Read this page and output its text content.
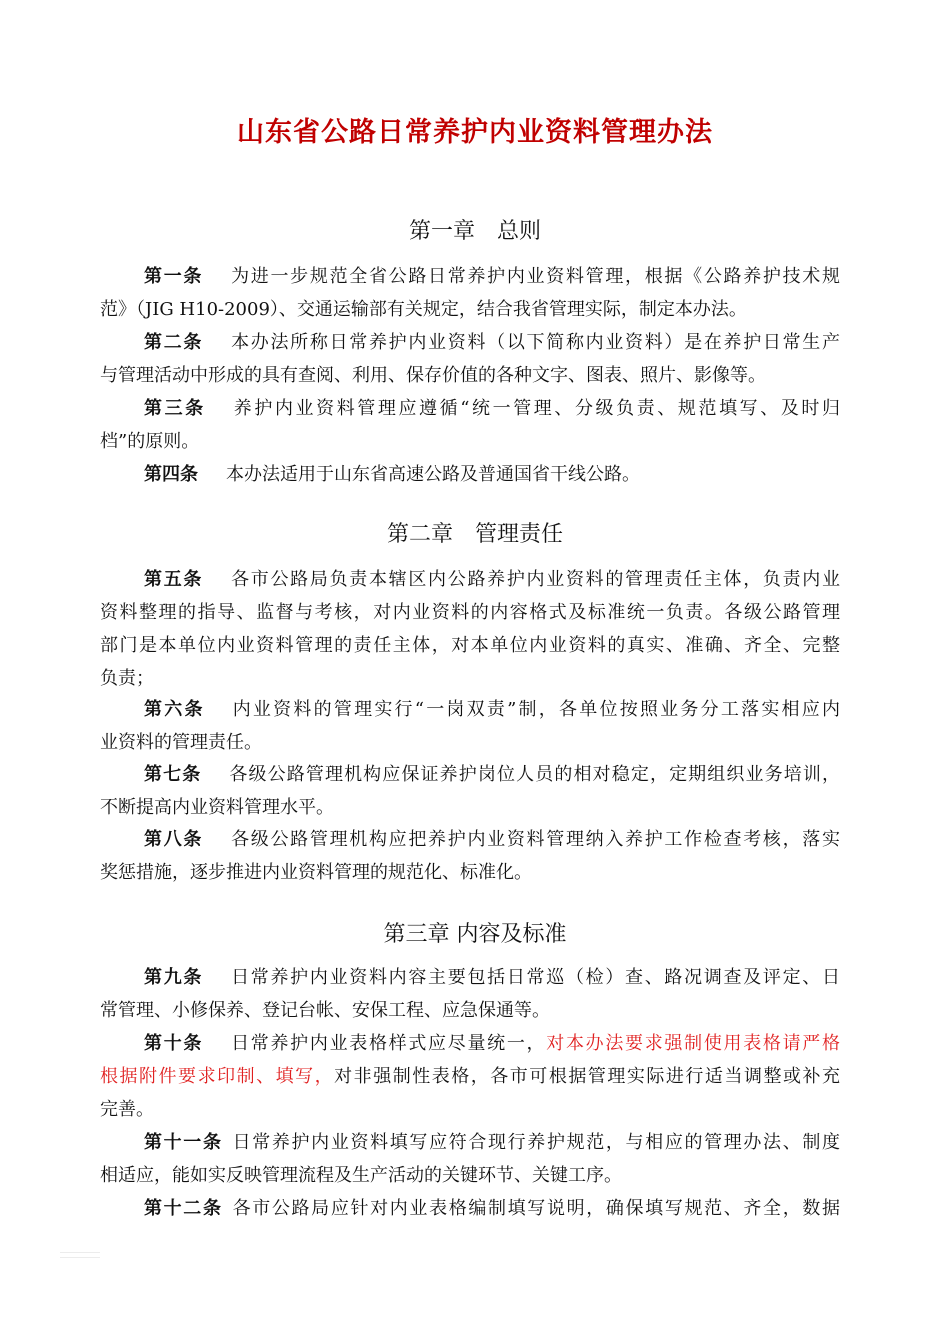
山东省公路日常养护内业资料管理办法
第一章　总则
第一条 为进一步规范全省公路日常养护内业资料管理，根据《公路养护技术规
范》（JIG H10-2009）、交通运输部有关规定，结合我省管理实际，制定本办法。
第二条 本办法所称日常养护内业资料（以下简称内业资料）是在养护日常生产
与管理活动中形成的具有查阅、利用、保存价值的各种文字、图表、照片、影像等。
第三条 养护内业资料管理应遵循“统一管理、分级负责、规范填写、及时归
档”的原则。
第四条 本办法适用于山东省高速公路及普通国省干线公路。
第二章　管理责任
第五条 各市公路局负责本辖区内公路养护内业资料的管理责任主体，负责内业
资料整理的指导、监督与考核，对内业资料的内容格式及标准统一负责。各级公路管理
部门是本单位内业资料管理的责任主体，对本单位内业资料的真实、准确、齐全、完整
负责；
第六条 内业资料的管理实行“一岗双责”制，各单位按照业务分工落实相应内
业资料的管理责任。
第七条 各级公路管理机构应保证养护岗位人员的相对稳定，定期组织业务培训，
不断提高内业资料管理水平。
第八条 各级公路管理机构应把养护内业资料管理纳入养护工作检查考核，落实
奖惩措施，逐步推进内业资料管理的规范化、标准化。
第三章 内容及标准
第九条 日常养护内业资料内容主要包括日常巡（检）查、路况调查及评定、日
常管理、小修保养、登记台帐、安保工程、应急保通等。
第十条 日常养护内业表格样式应尽量统一，对本办法要求强制使用表格请严格
根据附件要求印制、填写，对非强制性表格，各市可根据管理实际进行适当调整或补充
完善。
第十一条 日常养护内业资料填写应符合现行养护规范，与相应的管理办法、制度
相适应，能如实反映管理流程及生产活动的关键环节、关键工序。
第十二条 各市公路局应针对内业表格编制填写说明，确保填写规范、齐全，数据
